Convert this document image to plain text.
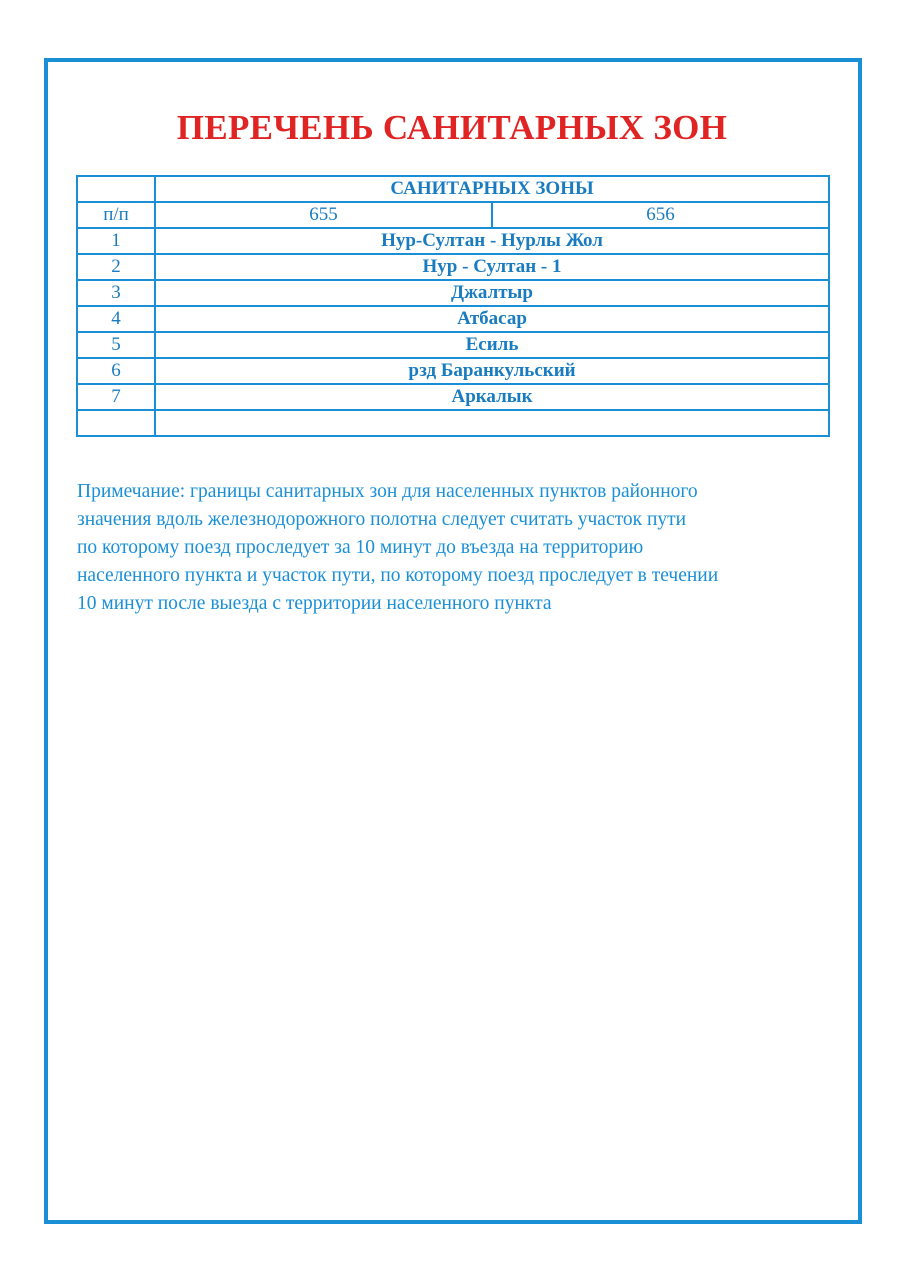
ПЕРЕЧЕНЬ САНИТАРНЫХ ЗОН
	САНИТАРНЫХ ЗОНЫ	
п/п	655	656
1	Нур-Султан - Нурлы Жол	
2	Нур - Султан - 1	
3	Джалтыр	
4	Атбасар	
5	Есиль	
6	рзд Баранкульский	
7	Аркалык	

Примечание: границы санитарных зон для населенных пунктов районного
значения вдоль железнодорожного полотна следует считать участок пути
по которому поезд проследует за 10 минут до въезда на территорию
населенного пункта и участок пути, по которому поезд проследует в течении
10 минут после выезда с территории населенного пункта
